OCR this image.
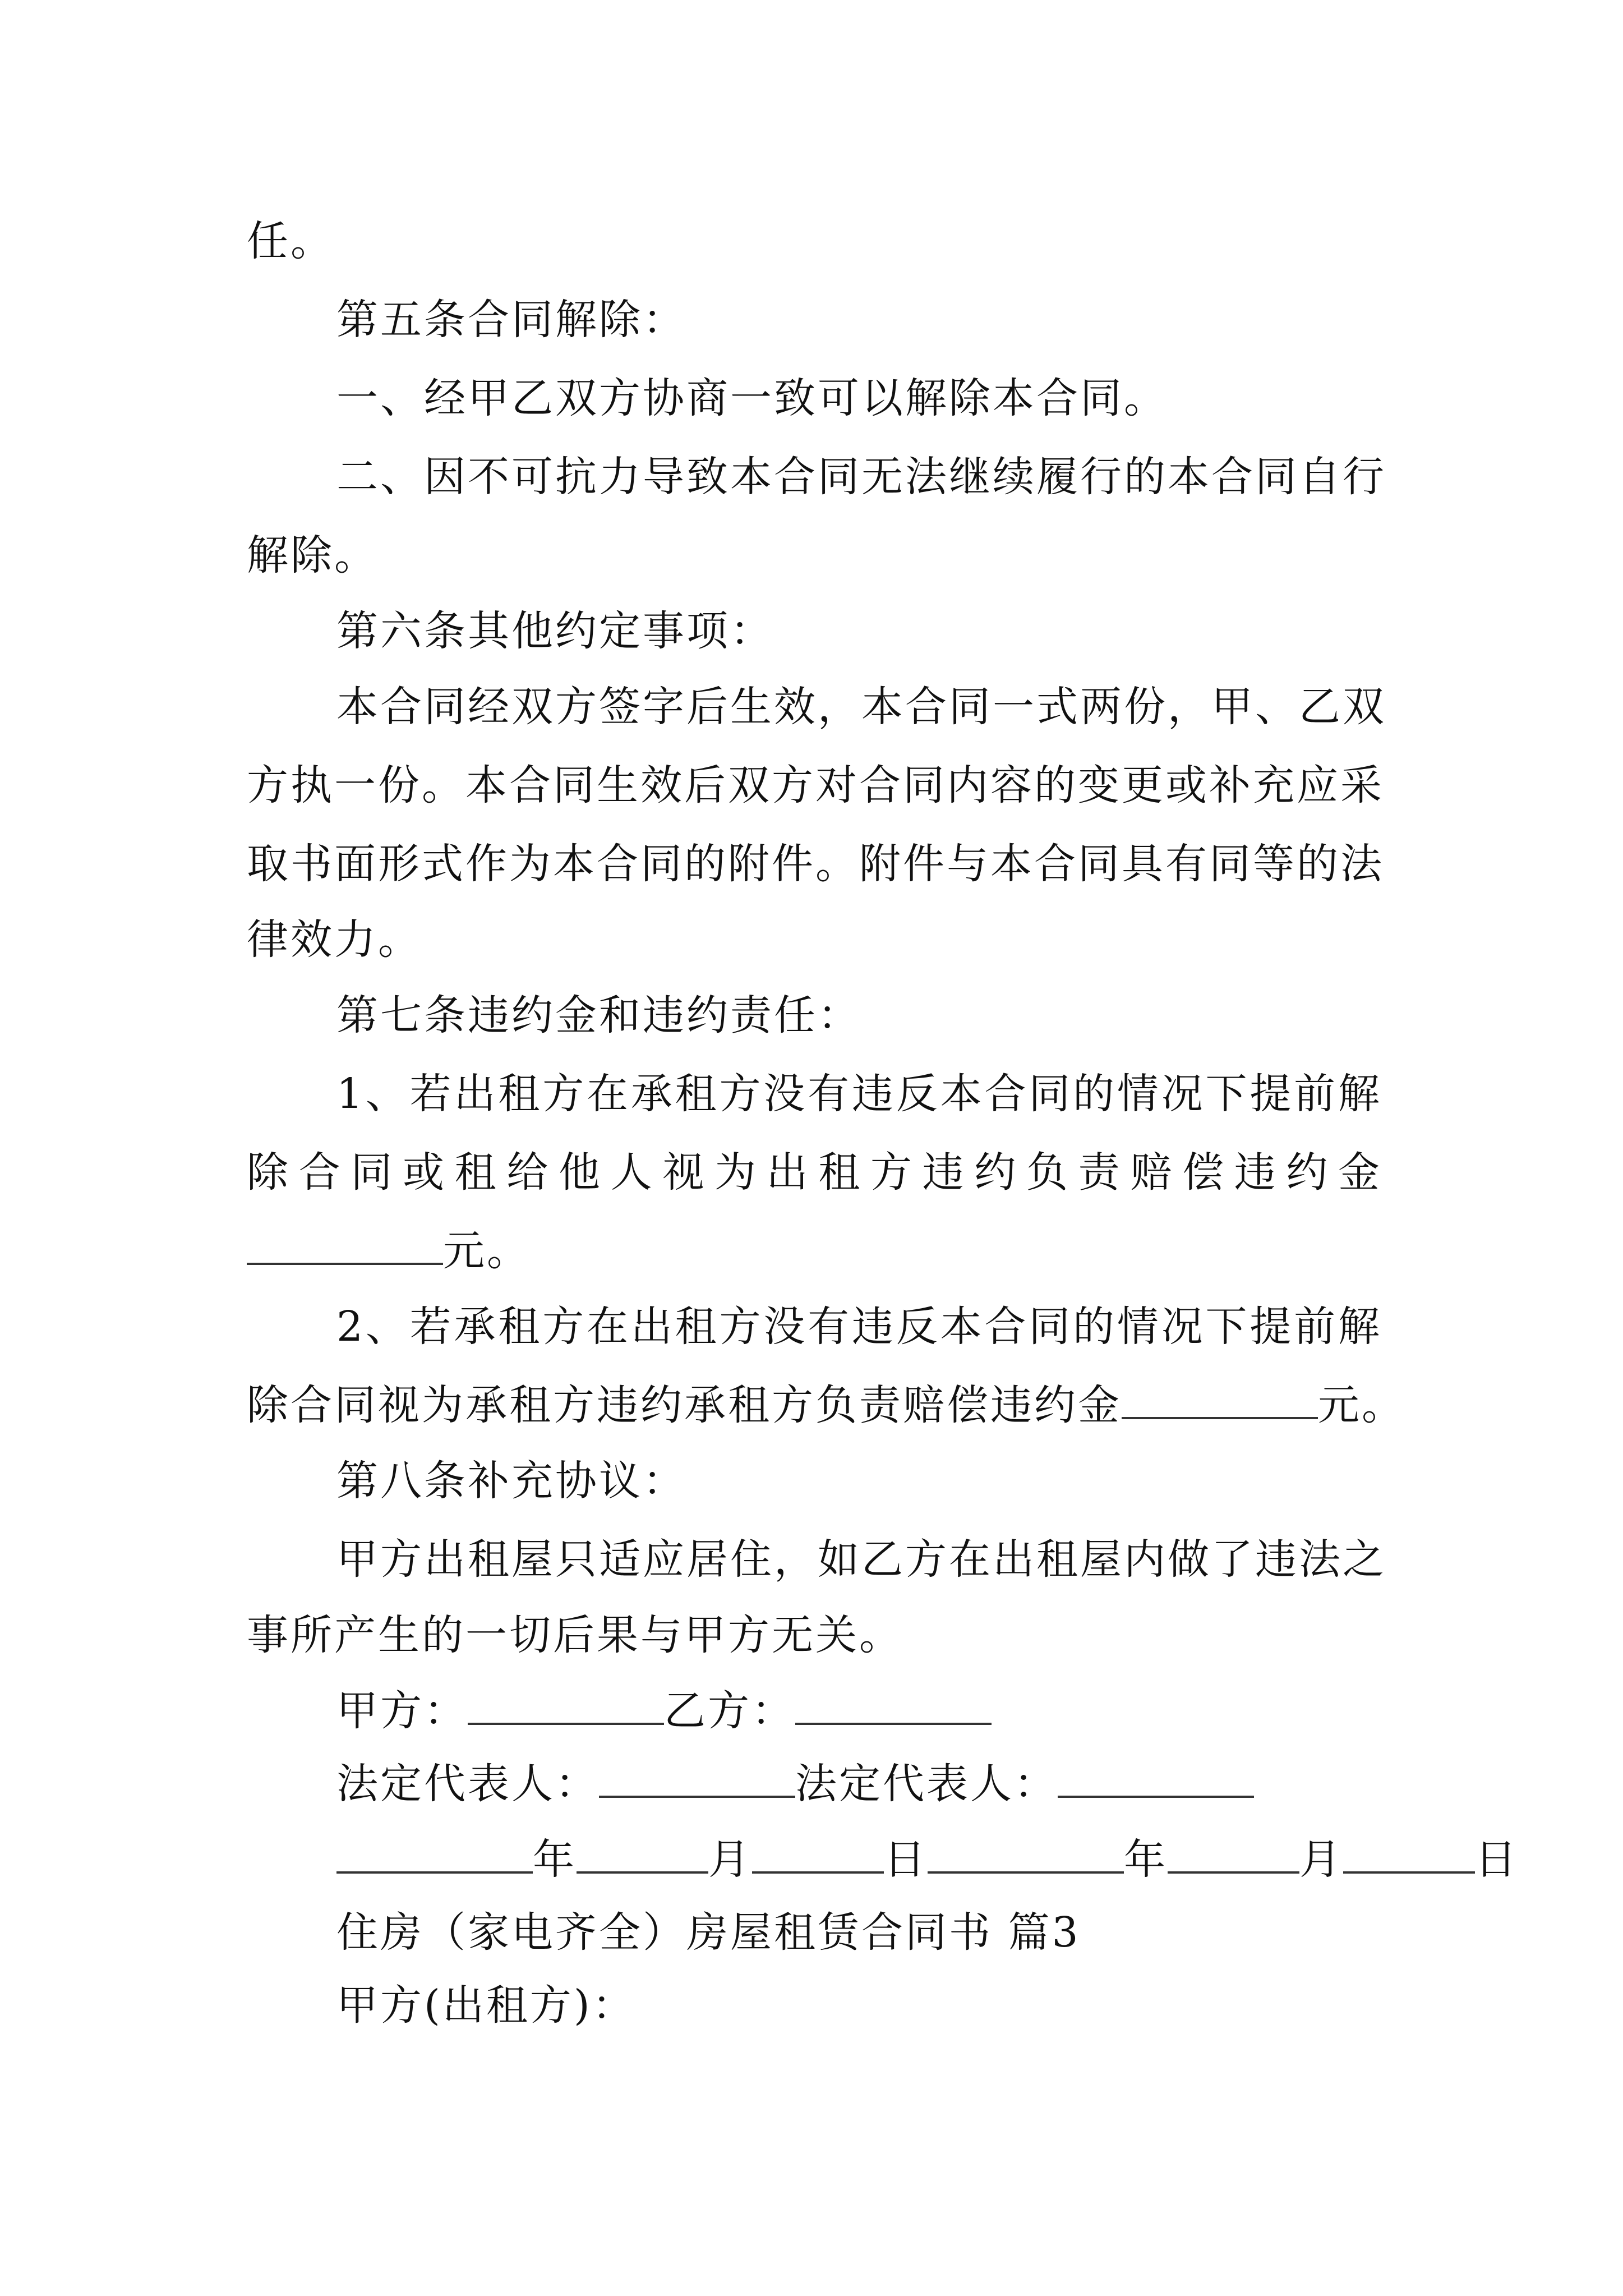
任。
第五条合同解除：
一、经甲乙双方协商一致可以解除本合同。
二、因不可抗力导致本合同无法继续履行的本合同自行
解除。
第六条其他约定事项：
本合同经双方签字后生效，本合同一式两份，甲、乙双
方执一份。本合同生效后双方对合同内容的变更或补充应采
取书面形式作为本合同的附件。附件与本合同具有同等的法
律效力。
第七条违约金和违约责任：
1、若出租方在承租方没有违反本合同的情况下提前解
除合同或租给他人视为出租方违约负责赔偿违约金
元。
2、若承租方在出租方没有违反本合同的情况下提前解
除合同视为承租方违约承租方负责赔偿违约金	元。
第八条补充协议：
甲方出租屋只适应居住，如乙方在出租屋内做了违法之
事所产生的一切后果与甲方无关。
甲方：	乙方：
法定代表人：	法定代表人：
年	月	日	年	月	日
住房（家电齐全）房屋租赁合同书 篇3
甲方(出租方)：
